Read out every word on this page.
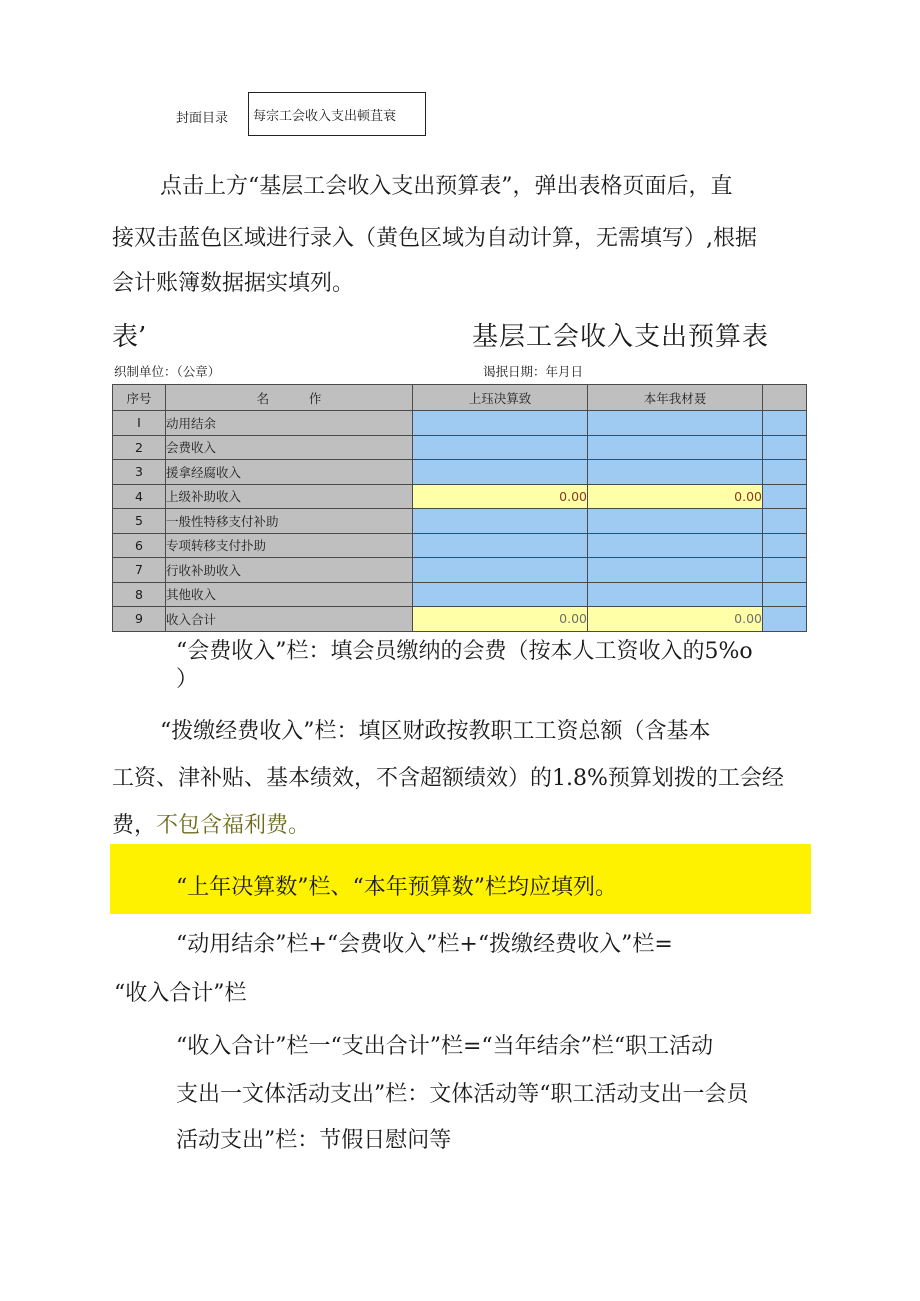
封面目录 每宗工会收入支出顿苴衰
点击上方“基层工会收入支出预算表”，弹出表格页面后，直
接双击蓝色区域进行录入（黄色区域为自动计算，无需填写）,根据
会计账簿数据据实填列。
表’	基层工会收入支出预算表
织制单位：（公章）	谒抿日期：年月日
序号	名          作	上珏决算致	本年我材聂	
I	动用结余			
2	会费收入			
3	援拿经腐收入			
4	上级补助收入	0.00	0.00	
5	一般性特移支付补助			
6	专项转移支付扑助			
7	行收补助收入			
8	其他收入			
9	收入合计	0.00	0.00	
“会费收入”栏：填会员缴纳的会费（按本人工资收入的5%o
）
“拨缴经费收入”栏：填区财政按教职工工资总额（含基本
工资、津补贴、基本绩效，不含超额绩效）的1.8%预算划拨的工会经
费，不包含福利费。
“上年决算数”栏、“本年预算数”栏均应填列。
“动用结余”栏+“会费收入”栏+“拨缴经费收入”栏=
“收入合计”栏
“收入合计”栏一“支出合计”栏=“当年结余”栏“职工活动
支出一文体活动支出”栏：文体活动等“职工活动支出一会员
活动支出”栏：节假日慰问等
